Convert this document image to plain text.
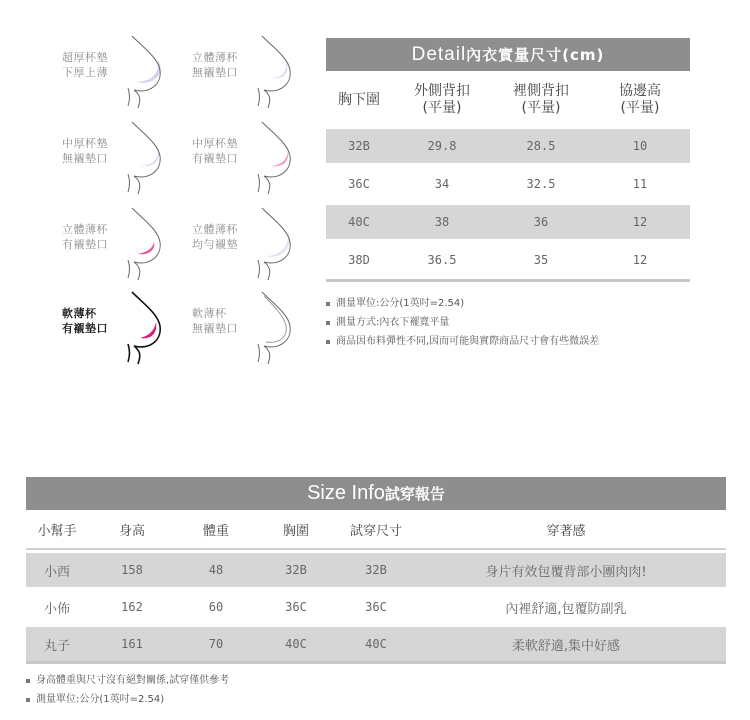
超厚杯墊
下厚上薄
立體薄杯
無襯墊口
中厚杯墊
無襯墊口
中厚杯墊
有襯墊口
立體薄杯
有襯墊口
立體薄杯
均勻襯墊
軟薄杯
有襯墊口
軟薄杯
無襯墊口
Detail內衣實量尺寸(cm)
胸下圍
外側背扣
(平量)
裡側背扣
(平量)
協邊高
(平量)
32B	29.8	28.5	10
36C	34	32.5	11
40C	38	36	12
38D	36.5	35	12
測量單位:公分(1英吋=2.54)
測量方式:內衣下襬寬平量
商品因布料彈性不同,因而可能與實際商品尺寸會有些微誤差
Size Info試穿報告
小幫手	身高	體重	胸圍	試穿尺寸	穿著感
小西	158	48	32B	32B	身片有效包覆背部小團肉肉!
小佈	162	60	36C	36C	內裡舒適,包覆防副乳
丸子	161	70	40C	40C	柔軟舒適,集中好感
身高體重與尺寸沒有絕對關係,試穿僅供參考
測量單位:公分(1英吋=2.54)
